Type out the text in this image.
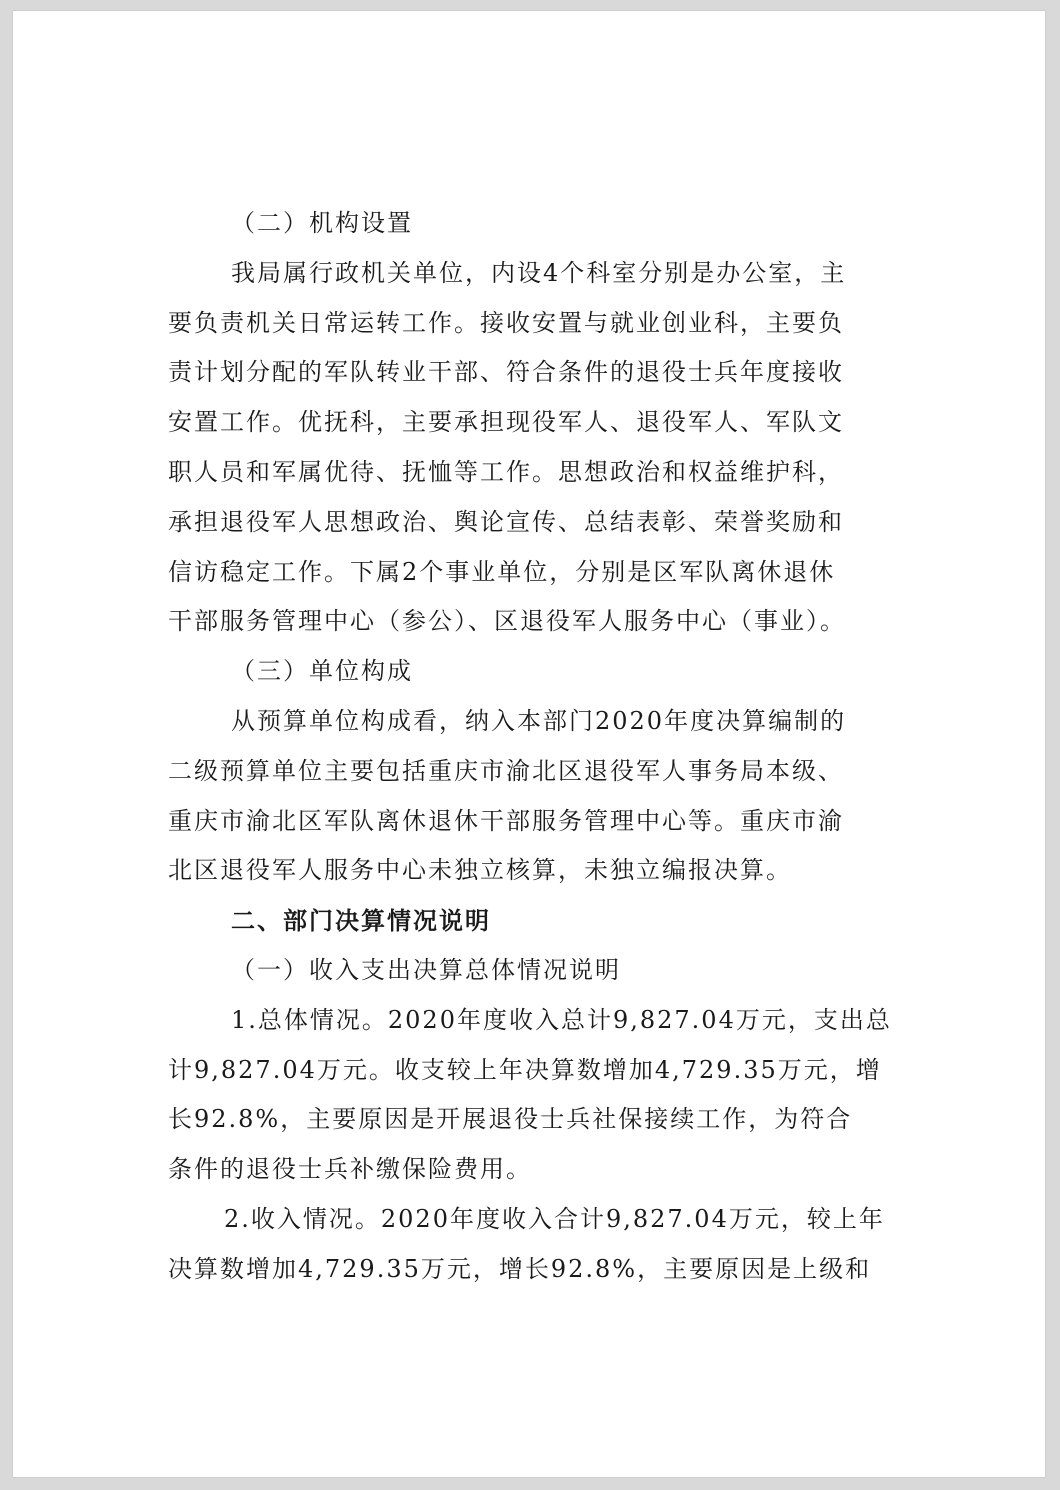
（二）机构设置
我局属行政机关单位，内设4个科室分别是办公室，主
要负责机关日常运转工作。接收安置与就业创业科，主要负
责计划分配的军队转业干部、符合条件的退役士兵年度接收
安置工作。优抚科，主要承担现役军人、退役军人、军队文
职人员和军属优待、抚恤等工作。思想政治和权益维护科，
承担退役军人思想政治、舆论宣传、总结表彰、荣誉奖励和
信访稳定工作。下属2个事业单位，分别是区军队离休退休
干部服务管理中心（参公）、区退役军人服务中心（事业）。
（三）单位构成
从预算单位构成看，纳入本部门2020年度决算编制的
二级预算单位主要包括重庆市渝北区退役军人事务局本级、
重庆市渝北区军队离休退休干部服务管理中心等。重庆市渝
北区退役军人服务中心未独立核算，未独立编报决算。
二、部门决算情况说明
（一）收入支出决算总体情况说明
1.总体情况。2020年度收入总计9,827.04万元，支出总
计9,827.04万元。收支较上年决算数增加4,729.35万元，增
长92.8%，主要原因是开展退役士兵社保接续工作，为符合
条件的退役士兵补缴保险费用。
2.收入情况。2020年度收入合计9,827.04万元，较上年
决算数增加4,729.35万元，增长92.8%，主要原因是上级和
